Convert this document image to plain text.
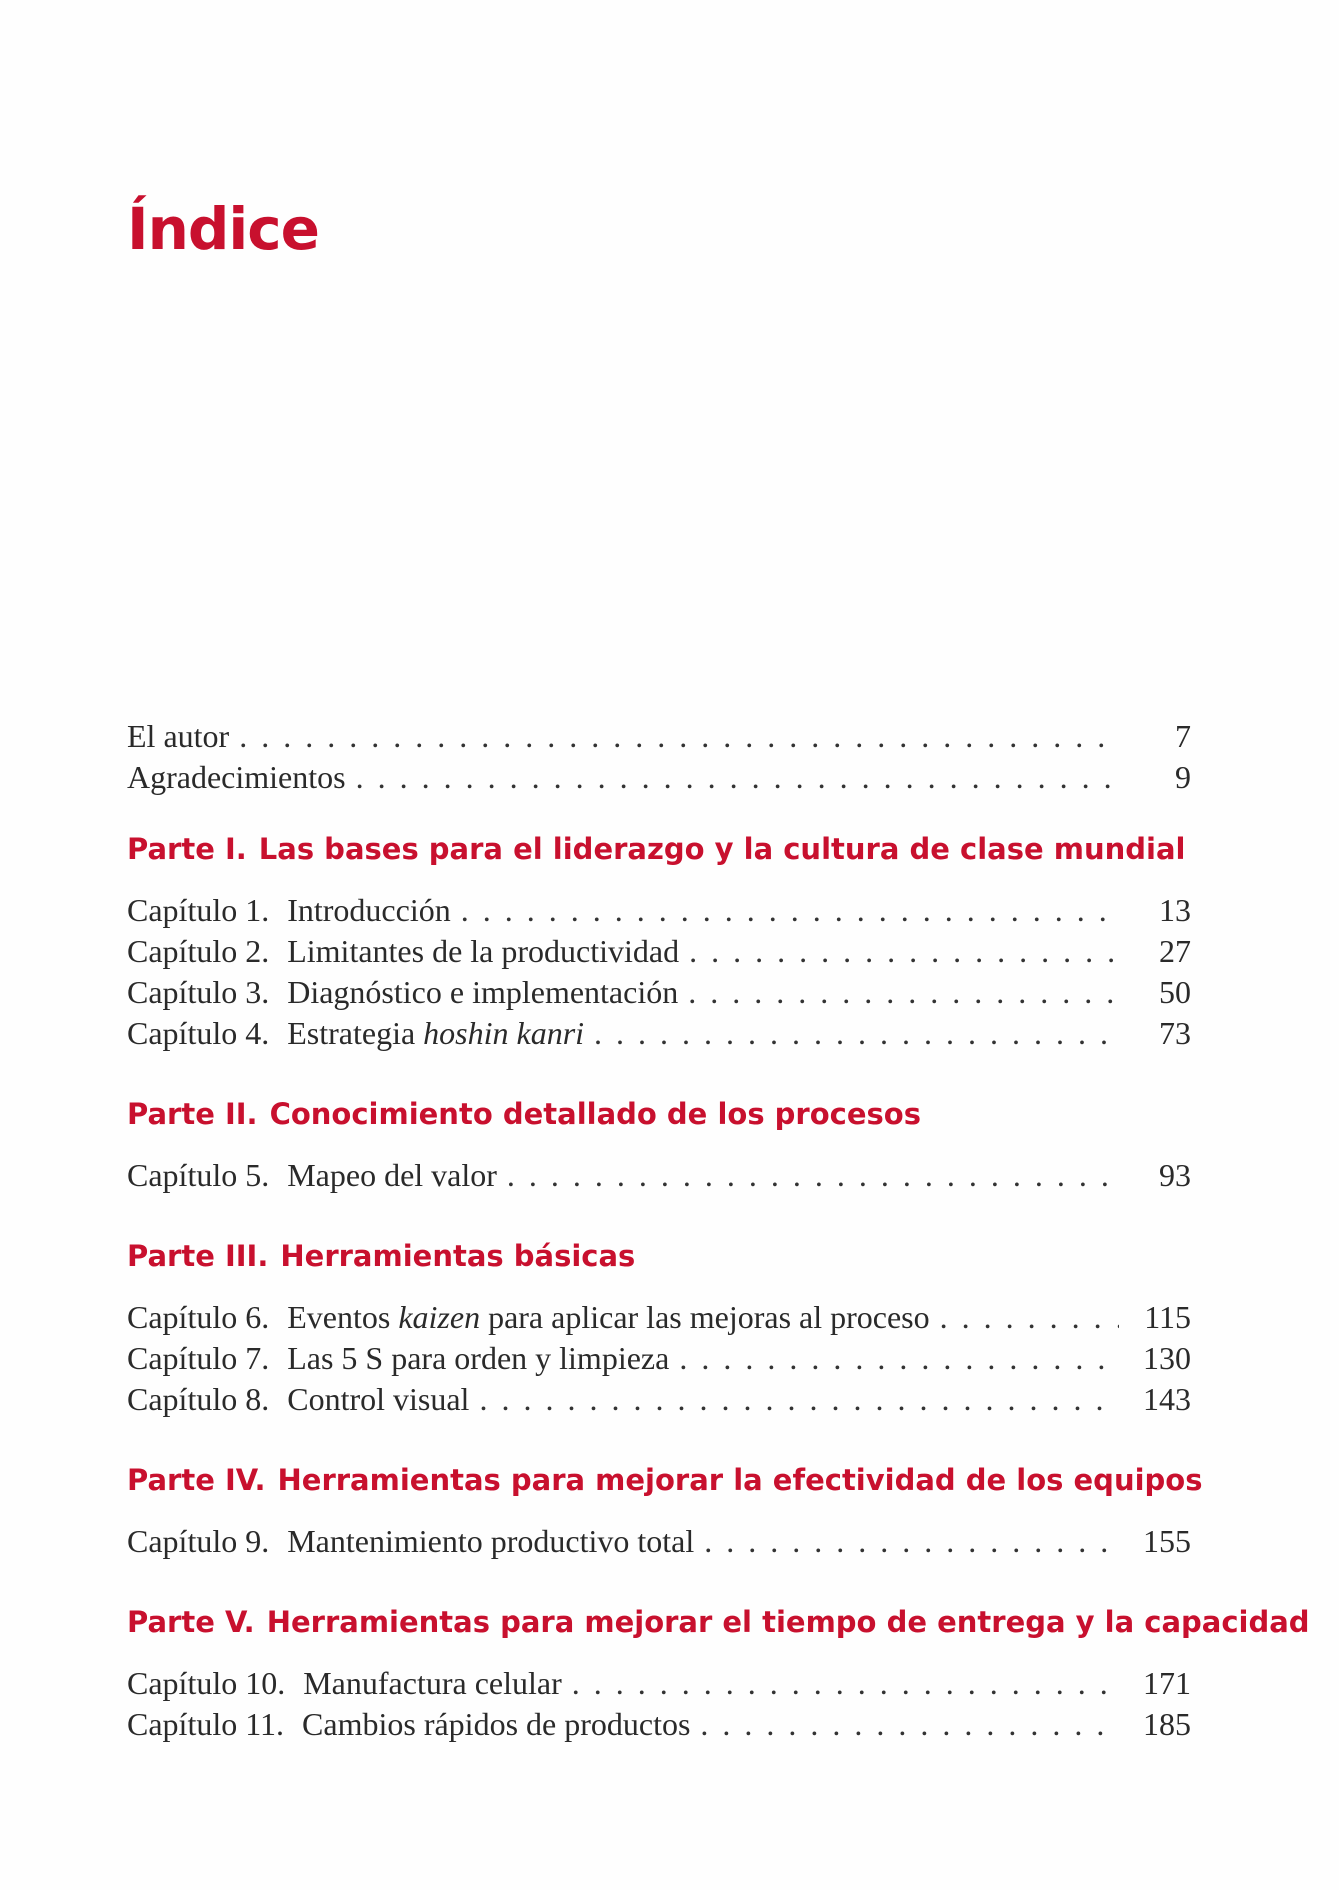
Índice
El autor . . .	7
Agradecimientos . . .	9
Parte I. Las bases para el liderazgo y la cultura de clase mundial
Capítulo 1. Introducción . . .	13
Capítulo 2. Limitantes de la productividad . . .	27
Capítulo 3. Diagnóstico e implementación . . .	50
Capítulo 4. Estrategia hoshin kanri . . .	73
Parte II. Conocimiento detallado de los procesos
Capítulo 5. Mapeo del valor . . .	93
Parte III. Herramientas básicas
Capítulo 6. Eventos kaizen para aplicar las mejoras al proceso . . .	115
Capítulo 7. Las 5 S para orden y limpieza . . .	130
Capítulo 8. Control visual . . .	143
Parte IV. Herramientas para mejorar la efectividad de los equipos
Capítulo 9. Mantenimiento productivo total . . .	155
Parte V. Herramientas para mejorar el tiempo de entrega y la capacidad
Capítulo 10. Manufactura celular . . .	171
Capítulo 11. Cambios rápidos de productos . . .	185
